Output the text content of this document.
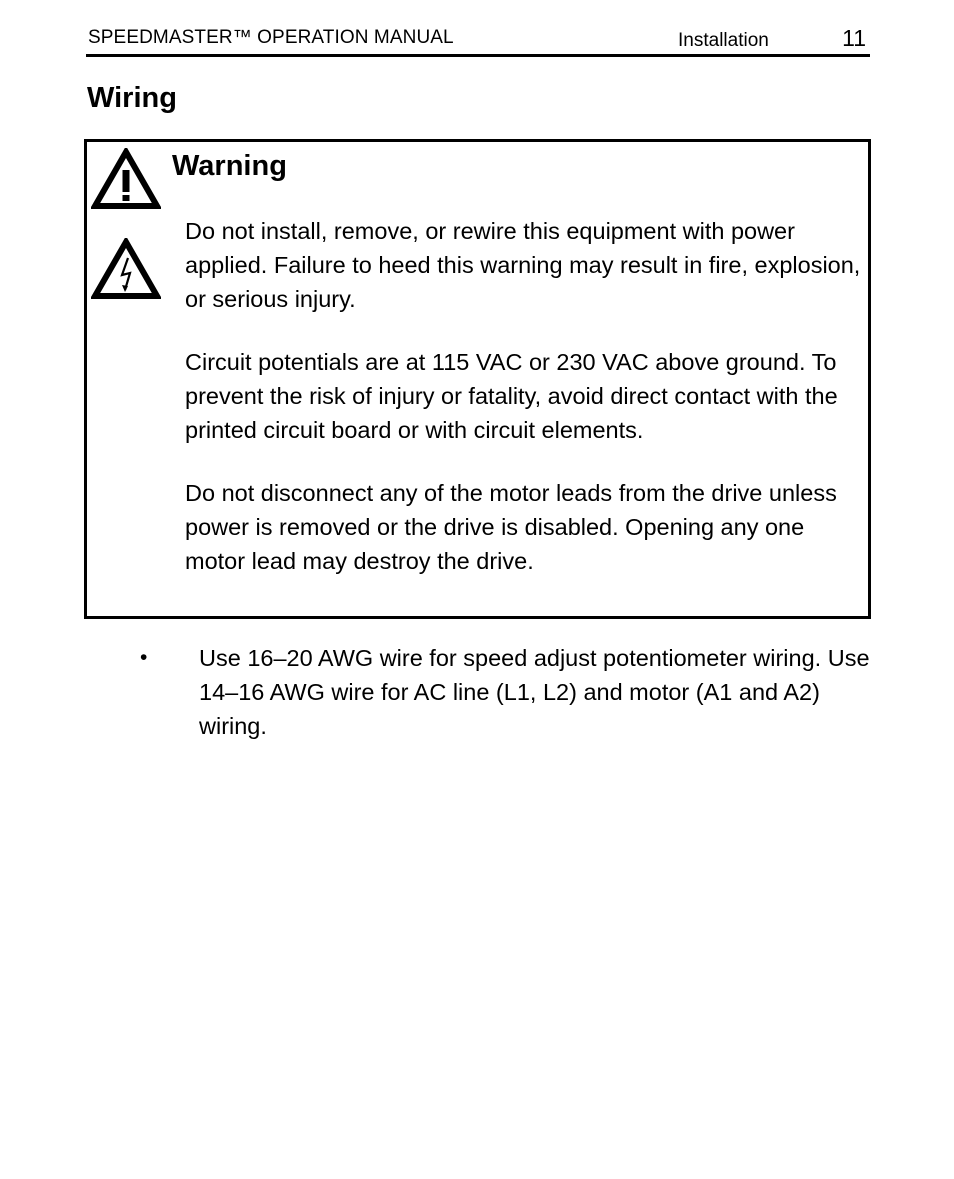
SPEEDMASTER™ OPERATION MANUAL	Installation	11
Wiring
Warning

Do not install, remove, or rewire this equipment with power applied. Failure to heed this warning may result in fire, explosion, or serious injury.

Circuit potentials are at 115 VAC or 230 VAC above ground. To prevent the risk of injury or fatality, avoid direct contact with the printed circuit board or with circuit elements.

Do not disconnect any of the motor leads from the drive unless power is removed or the drive is disabled. Opening any one motor lead may destroy the drive.

• Use 16–20 AWG wire for speed adjust potentiometer wiring. Use 14–16 AWG wire for AC line (L1, L2) and motor (A1 and A2) wiring.
